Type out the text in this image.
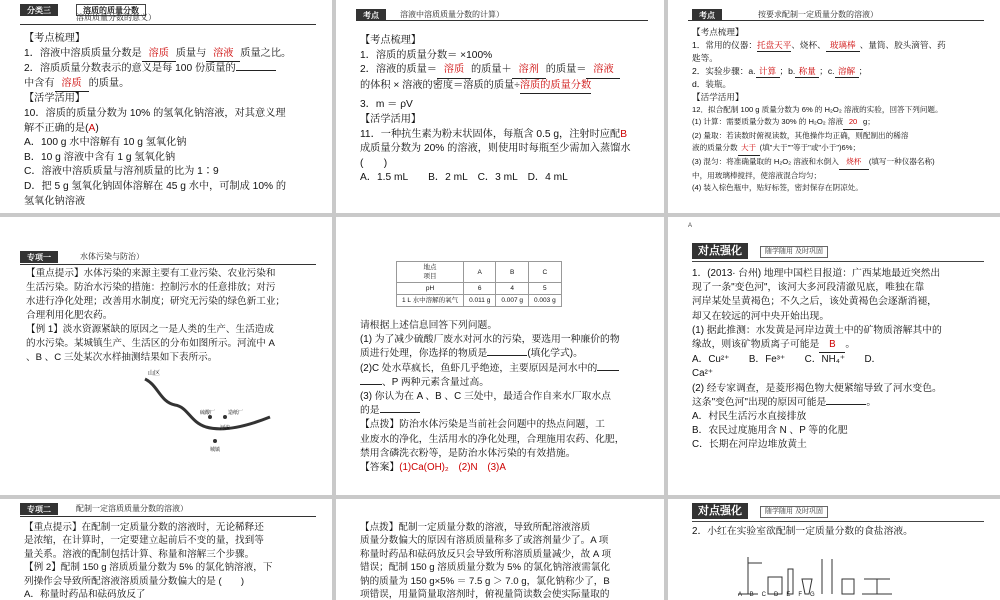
分类三	溶质的质量分数
溶质质量分数的意义）

【考点梳理】

1．溶液中溶质质量分数是 溶质 质量与 溶液 质量之比。

2．溶质质量分数表示的意义是每 100 份质量的

中含有 溶质 的质量。

【活学活用】

10．溶质的质量分数为 10% 的氢氧化钠溶液，对其意义理

解不正确的是(A)

A．100 g 水中溶解有 10 g 氢氧化钠

B．10 g 溶液中含有 1 g 氢氧化钠

C．溶液中溶质质量与溶剂质量的比为 1∶9

D．把 5 g 氢氧化钠固体溶解在 45 g 水中，可制成 10% 的

氢氧化钠溶液

考点	溶液中溶质质量分数的计算）

【考点梳理】

1．溶质的质量分数＝ ×100%

2．溶液的质量＝ 溶质 的质量＋ 溶剂 的质量＝ 溶液

的体积 × 溶液的密度＝溶质的质量÷溶质的质量分数

3．m ＝ ρV

【活学活用】

11．一种抗生素为粉末状固体，每瓶含 0.5 g，注射时应配B

成质量分数为 20% 的溶液，则使用时每瓶至少需加入蒸馏水

(　　)

A．1.5 mL　　B．2 mL　C．3 mL　D．4 mL

考点	按要求配制一定质量分数的溶液）

【考点梳理】

1．常用的仪器：托盘天平、烧杯、 玻璃棒 、量筒、胶头滴管、药

匙等。

2．实验步骤：a. 计算 ；b. 称量 ；c. 溶解 ；

d．装瓶。

【活学活用】

12．拟合配制 100 g 质量分数为 6% 的 H₂O₂ 溶液的实验，回答下列问题。

(1) 计算：需要质量分数为 30% 的 H₂O₂ 溶液 20 g；

(2) 量取：若读数时俯视读数，其他操作均正确，则配制出的稀溶

液的质量分数 大于 (填"大于""等于"或"小于")6%；

(3) 混匀：将准确量取的 H₂O₂ 溶液和水倒入 烧杯 (填写一种仪器名称)

中，用玻璃棒搅拌，使溶液混合均匀；

(4) 装入棕色瓶中，贴好标签，密封保存在阴凉处。

专项一	水体污染与防治）

【重点提示】水体污染的来源主要有工业污染、农业污染和

生活污染。防治水污染的措施：控制污水的任意排放；对污

水进行净化处理；改善用水制度；研究无污染的绿色新工业；

合理利用化肥农药。

【例 1】淡水资源紧缺的原因之一是人类的生产、生活造成

的水污染。某城镇生产、生活区的分布如图所示。河流中 A

、B 、C 三处某次水样抽测结果如下表所示。

山区
硫酸厂	造纸厂
河流
城镇
地点
项目	A	B	C
pH	6	4	5
1 L 水中溶解的氧气	0.011 g	0.007 g	0.003 g

请根据上述信息回答下列问题。

(1) 为了减少硫酸厂废水对河水的污染，要选用一种廉价的物

质进行处理，你选择的物质是	(填化学式)。

(2)C 处水草疯长，鱼虾几乎绝迹，主要原因是河水中的

、P 两种元素含量过高。

(3) 你认为在 A 、B 、C 三处中，最适合作自来水厂取水点

的是

【点拨】防治水体污染是当前社会问题中的热点问题，工

业废水的净化，生活用水的净化处理，合理施用农药、化肥，

禁用含磷洗衣粉等，是防治水体污染的有效措施。

【答案】(1)Ca(OH)₂　(2)N　(3)A

A
对点强化	随学随用 及时巩固

1．(2013· 台州) 地理中国栏目报道：广西某地最近突然出

现了一条"变色河"，该河大多河段清澈见底，唯独在靠

河岸某处呈黄褐色；不久之后，该处黄褐色会逐渐消褪，

却又在较远的河中央开始出现。

(1) 据此推测：水发黄是河岸边黄土中的矿物质溶解其中的

缘故，则该矿物质离子可能是 B 。

A．Cu²⁺　　B．Fe³⁺　　C．NH₄⁺　　D．

Ca²⁺

(2) 经专家调查，是菱形褐色物大便紧缩导致了河水变色。

这条"变色河"出现的原因可能是	。

A．村民生活污水直接排放

B．农民过度施用含 N 、P 等的化肥

C．长期在河岸边堆放黄土

专项二	配制一定溶质质量分数的溶液）

【重点提示】在配制一定质量分数的溶液时，无论稀释还

是浓缩，在计算时，一定要建立起前后不变的量，找到等

量关系。溶液的配制包括计算、称量和溶解三个步骤。

【例 2】配制 150 g 溶质质量分数为 5% 的氯化钠溶液，下

列操作会导致所配溶液溶质质量分数偏大的是 (　　)

A．称量时药品和砝码放反了

【点拨】配制一定质量分数的溶液，导致所配溶液溶质

质量分数偏大的原因有溶质质量称多了或溶剂量少了。A 项

称量时药品和砝码放反只会导致所称溶质质量减少，故 A 项

错误；配制 150 g 溶质质量分数为 5% 的氯化钠溶液需氯化

钠的质量为 150 g×5% ＝ 7.5 g ＞ 7.0 g，氯化钠称少了，B

项错误，用量筒量取溶剂时，俯视量筒读数会使实际量取的

对点强化	随学随用 及时巩固

2．小红在实验室欲配制一定质量分数的食盐溶液。

A　B　C　D　E　F　G
